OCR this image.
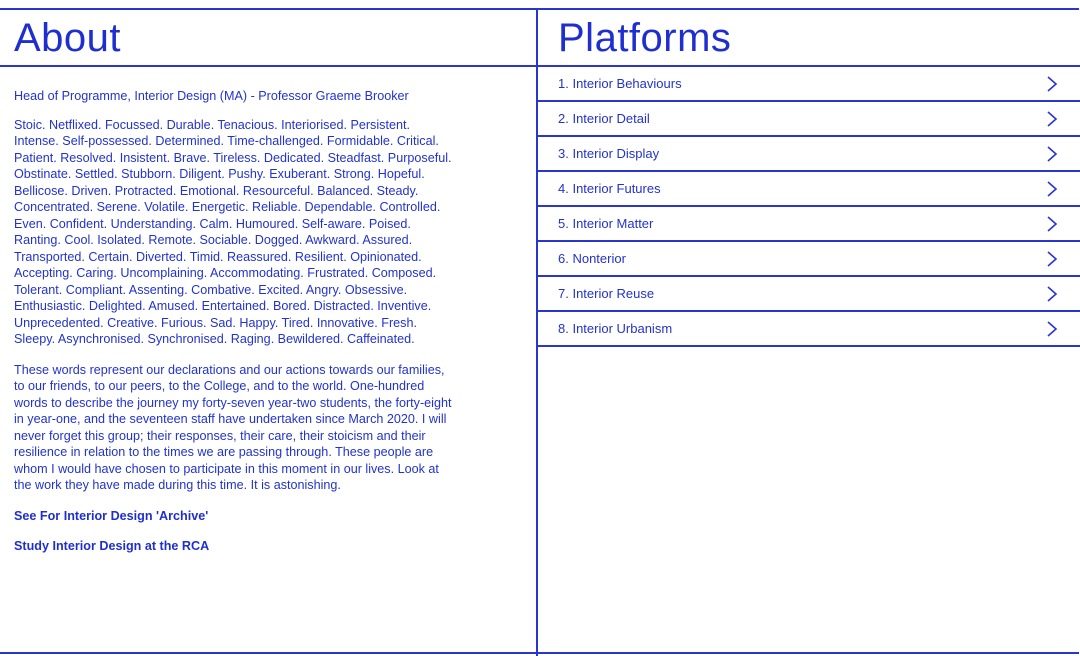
About

Head of Programme, Interior Design (MA) - Professor Graeme Brooker

Stoic. Netflixed. Focussed. Durable. Tenacious. Interiorised. Persistent. Intense. Self-possessed. Determined. Time-challenged. Formidable. Critical. Patient. Resolved. Insistent. Brave. Tireless. Dedicated. Steadfast. Purposeful. Obstinate. Settled. Stubborn. Diligent. Pushy. Exuberant. Strong. Hopeful. Bellicose. Driven. Protracted. Emotional. Resourceful. Balanced. Steady. Concentrated. Serene. Volatile. Energetic. Reliable. Dependable. Controlled. Even. Confident. Understanding. Calm. Humoured. Self-aware. Poised. Ranting. Cool. Isolated. Remote. Sociable. Dogged. Awkward. Assured. Transported. Certain. Diverted. Timid. Reassured. Resilient. Opinionated. Accepting. Caring. Uncomplaining. Accommodating. Frustrated. Composed. Tolerant. Compliant. Assenting. Combative. Excited. Angry. Obsessive. Enthusiastic. Delighted. Amused. Entertained. Bored. Distracted. Inventive. Unprecedented. Creative. Furious. Sad. Happy. Tired. Innovative. Fresh. Sleepy. Asynchronised. Synchronised. Raging. Bewildered. Caffeinated.

These words represent our declarations and our actions towards our families, to our friends, to our peers, to the College, and to the world. One-hundred words to describe the journey my forty-seven year-two students, the forty-eight in year-one, and the seventeen staff have undertaken since March 2020. I will never forget this group; their responses, their care, their stoicism and their resilience in relation to the times we are passing through. These people are whom I would have chosen to participate in this moment in our lives. Look at the work they have made during this time. It is astonishing.

See For Interior Design 'Archive'
Study Interior Design at the RCA
Platforms
1. Interior Behaviours
2. Interior Detail
3. Interior Display
4. Interior Futures
5. Interior Matter
6. Nonterior
7. Interior Reuse
8. Interior Urbanism
